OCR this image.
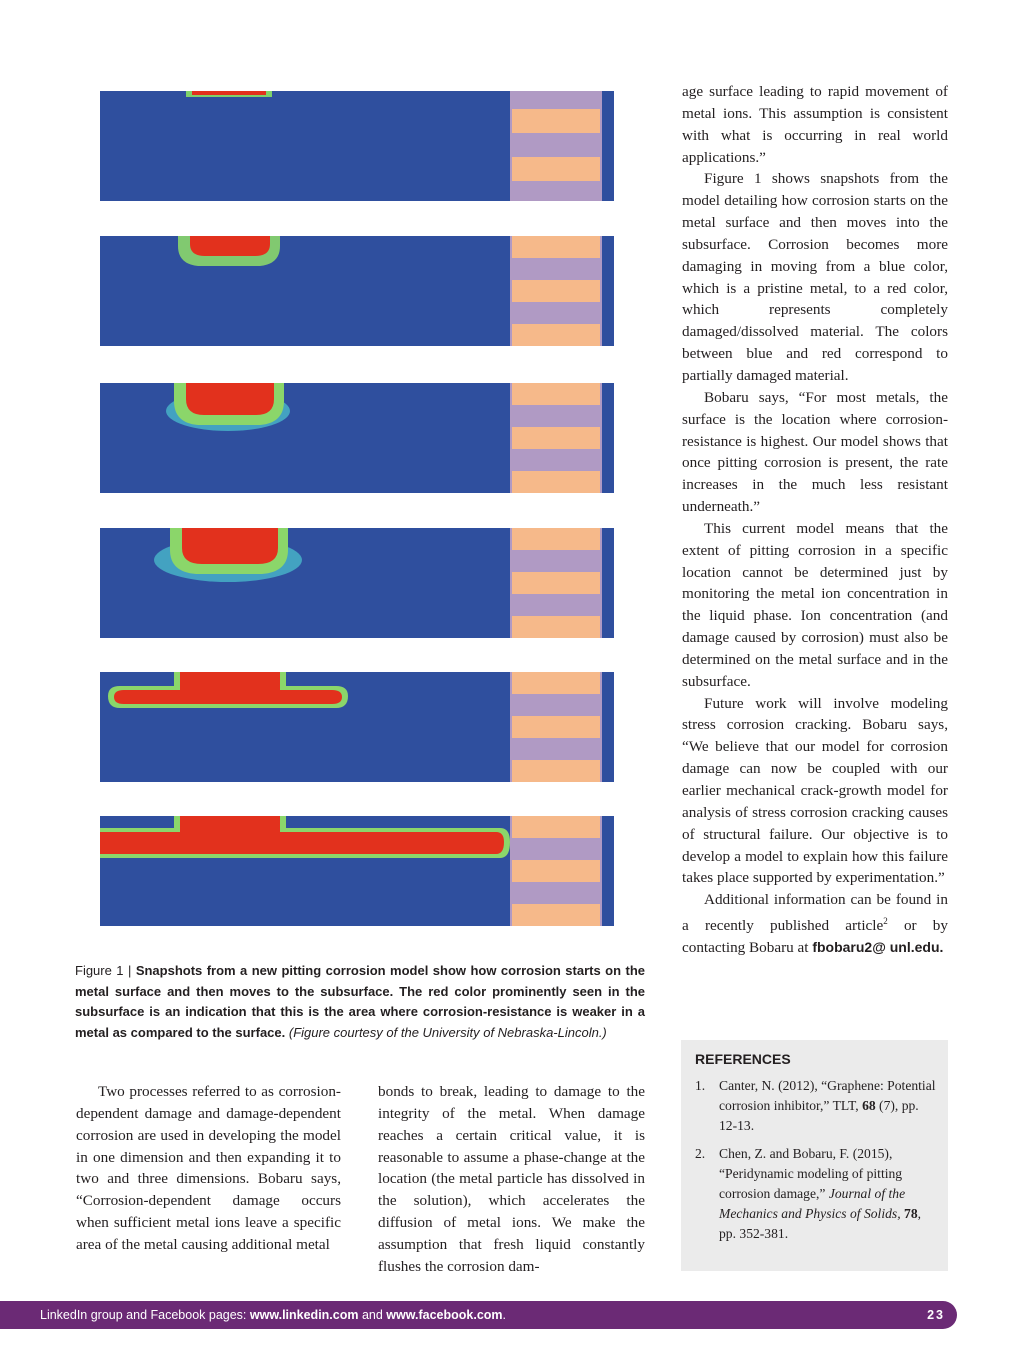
Figure 1 | Snapshots from a new pitting corrosion model show how corrosion starts on the metal surface and then moves to the subsurface. The red color prominently seen in the subsurface is an indication that this is the area where corrosion-resistance is weaker in a metal as compared to the surface. (Figure courtesy of the University of Nebraska-Lincoln.)

Two processes referred to as corrosion-dependent damage and damage-dependent corrosion are used in developing the model in one dimension and then expanding it to two and three dimensions. Bobaru says, “Corrosion-dependent damage occurs when sufficient metal ions leave a specific area of the metal causing additional metal

bonds to break, leading to damage to the integrity of the metal. When damage reaches a certain critical value, it is reasonable to assume a phase-change at the location (the metal particle has dissolved in the solution), which accelerates the diffusion of metal ions. We make the assumption that fresh liquid constantly flushes the corrosion dam-

age surface leading to rapid movement of metal ions. This assumption is consistent with what is occurring in real world applications.”

Figure 1 shows snapshots from the model detailing how corrosion starts on the metal surface and then moves into the subsurface. Corrosion becomes more damaging in moving from a blue color, which is a pristine metal, to a red color, which represents completely damaged/dissolved material. The colors between blue and red correspond to partially damaged material.

Bobaru says, “For most metals, the surface is the location where corrosion-resistance is highest. Our model shows that once pitting corrosion is present, the rate increases in the much less resistant underneath.”

This current model means that the extent of pitting corrosion in a specific location cannot be determined just by monitoring the metal ion concentration in the liquid phase. Ion concentration (and damage caused by corrosion) must also be determined on the metal surface and in the subsurface.

Future work will involve modeling stress corrosion cracking. Bobaru says, “We believe that our model for corrosion damage can now be coupled with our earlier mechanical crack-growth model for analysis of stress corrosion cracking causes of structural failure. Our objective is to develop a model to explain how this failure takes place supported by experimentation.”

Additional information can be found in a recently published article$^2$ or by contacting Bobaru at fbobaru2@ unl.edu.

REFERENCES
1. Canter, N. (2012), “Graphene: Potential corrosion inhibitor,” TLT, 68 (7), pp. 12-13.
2. Chen, Z. and Bobaru, F. (2015), “Peridynamic modeling of pitting corrosion damage,” Journal of the Mechanics and Physics of Solids, 78, pp. 352-381.
LinkedIn group and Facebook pages: www.linkedin.com and www.facebook.com.	23
